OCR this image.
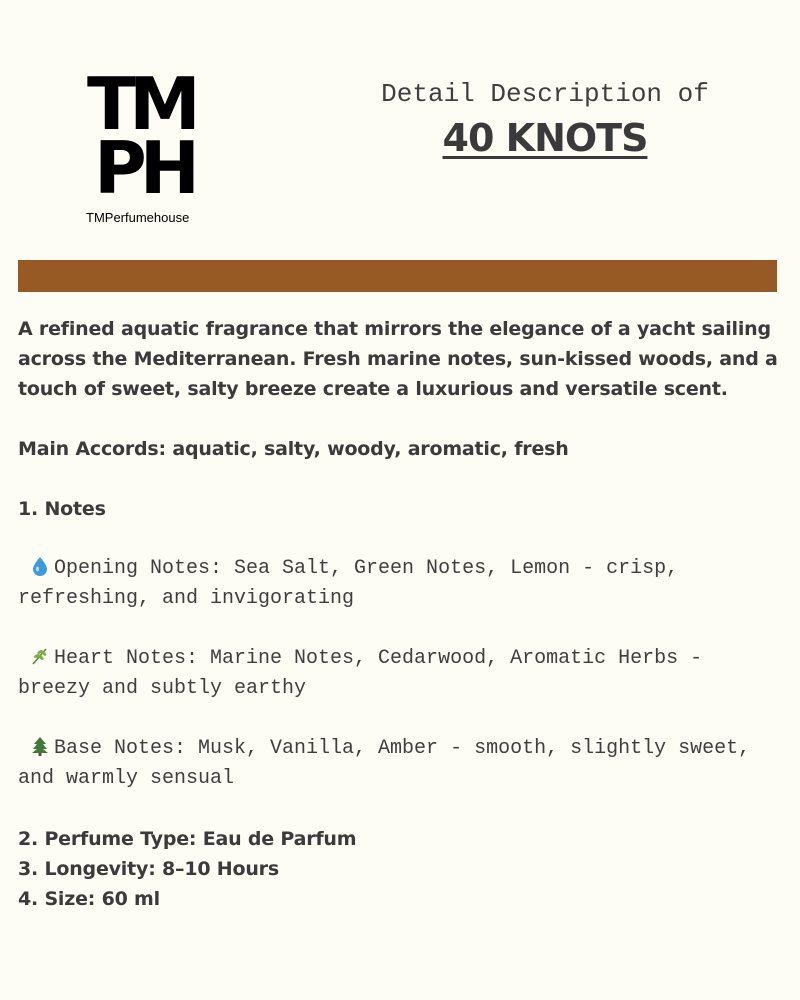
TM
PH
TMPerfumehouse
Detail Description of
40 KNOTS

A refined aquatic fragrance that mirrors the elegance of a yacht sailing across the Mediterranean. Fresh marine notes, sun-kissed woods, and a touch of sweet, salty breeze create a luxurious and versatile scent.

Main Accords: aquatic, salty, woody, aromatic, fresh

1. Notes

Opening Notes: Sea Salt, Green Notes, Lemon - crisp, refreshing, and invigorating

Heart Notes: Marine Notes, Cedarwood, Aromatic Herbs - breezy and subtly earthy

Base Notes: Musk, Vanilla, Amber - smooth, slightly sweet, and warmly sensual

2. Perfume Type: Eau de Parfum

3. Longevity: 8–10 Hours

4. Size: 60 ml
